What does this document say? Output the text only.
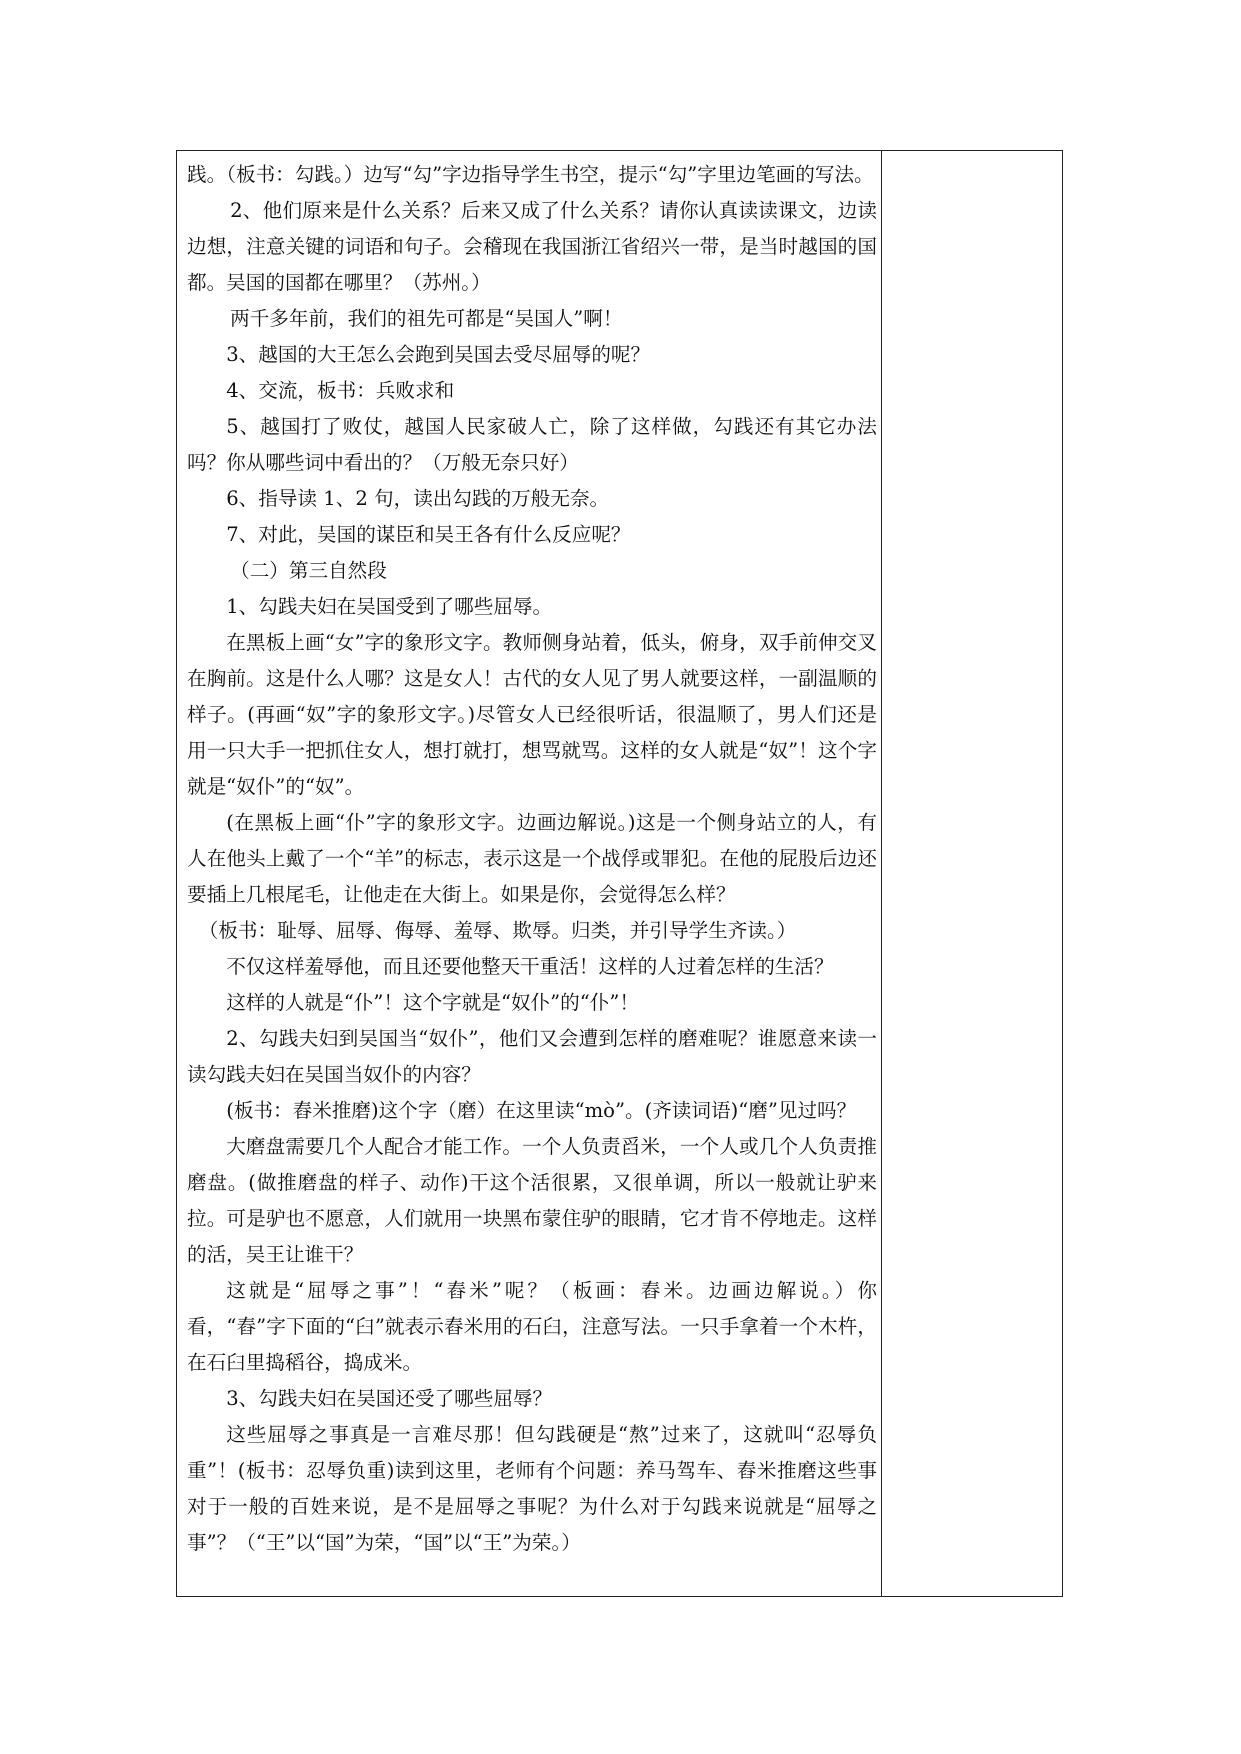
践。（板书：勾践。）边写“勾”字边指导学生书空，提示“勾”字里边笔画的写法。

2、他们原来是什么关系？后来又成了什么关系？请你认真读读课文，边读边想，注意关键的词语和句子。会稽现在我国浙江省绍兴一带，是当时越国的国都。吴国的国都在哪里？（苏州。）

两千多年前，我们的祖先可都是“吴国人”啊！

3、越国的大王怎么会跑到吴国去受尽屈辱的呢？

4、交流，板书：兵败求和

5、越国打了败仗，越国人民家破人亡，除了这样做，勾践还有其它办法吗？你从哪些词中看出的？（万般无奈只好）

6、指导读 1、2 句，读出勾践的万般无奈。

7、对此，吴国的谋臣和吴王各有什么反应呢？

（二）第三自然段

1、勾践夫妇在吴国受到了哪些屈辱。

在黑板上画“女”字的象形文字。教师侧身站着，低头，俯身，双手前伸交叉在胸前。这是什么人哪？这是女人！古代的女人见了男人就要这样，一副温顺的样子。(再画“奴”字的象形文字。)尽管女人已经很听话，很温顺了，男人们还是用一只大手一把抓住女人，想打就打，想骂就骂。这样的女人就是“奴”！这个字就是“奴仆”的“奴”。

(在黑板上画“仆”字的象形文字。边画边解说。)这是一个侧身站立的人，有人在他头上戴了一个“羊”的标志，表示这是一个战俘或罪犯。在他的屁股后边还要插上几根尾毛，让他走在大街上。如果是你，会觉得怎么样？

（板书：耻辱、屈辱、侮辱、羞辱、欺辱。归类，并引导学生齐读。）

不仅这样羞辱他，而且还要他整天干重活！这样的人过着怎样的生活？

这样的人就是“仆”！这个字就是“奴仆”的“仆”！

2、勾践夫妇到吴国当“奴仆”，他们又会遭到怎样的磨难呢？谁愿意来读一读勾践夫妇在吴国当奴仆的内容？

(板书：舂米推磨)这个字（磨）在这里读“mò”。(齐读词语)“磨”见过吗？

大磨盘需要几个人配合才能工作。一个人负责舀米，一个人或几个人负责推磨盘。(做推磨盘的样子、动作)干这个活很累，又很单调，所以一般就让驴来拉。可是驴也不愿意，人们就用一块黑布蒙住驴的眼睛，它才肯不停地走。这样的活，吴王让谁干？

这就是“屈辱之事”！“舂米”呢？（板画：舂米。边画边解说。）你看，“舂”字下面的“臼”就表示舂米用的石臼，注意写法。一只手拿着一个木杵，在石臼里捣稻谷，捣成米。

3、勾践夫妇在吴国还受了哪些屈辱？

这些屈辱之事真是一言难尽那！但勾践硬是“熬”过来了，这就叫“忍辱负重”！(板书：忍辱负重)读到这里，老师有个问题：养马驾车、舂米推磨这些事对于一般的百姓来说，是不是屈辱之事呢？为什么对于勾践来说就是“屈辱之事”？（“王”以“国”为荣，“国”以“王”为荣。）
